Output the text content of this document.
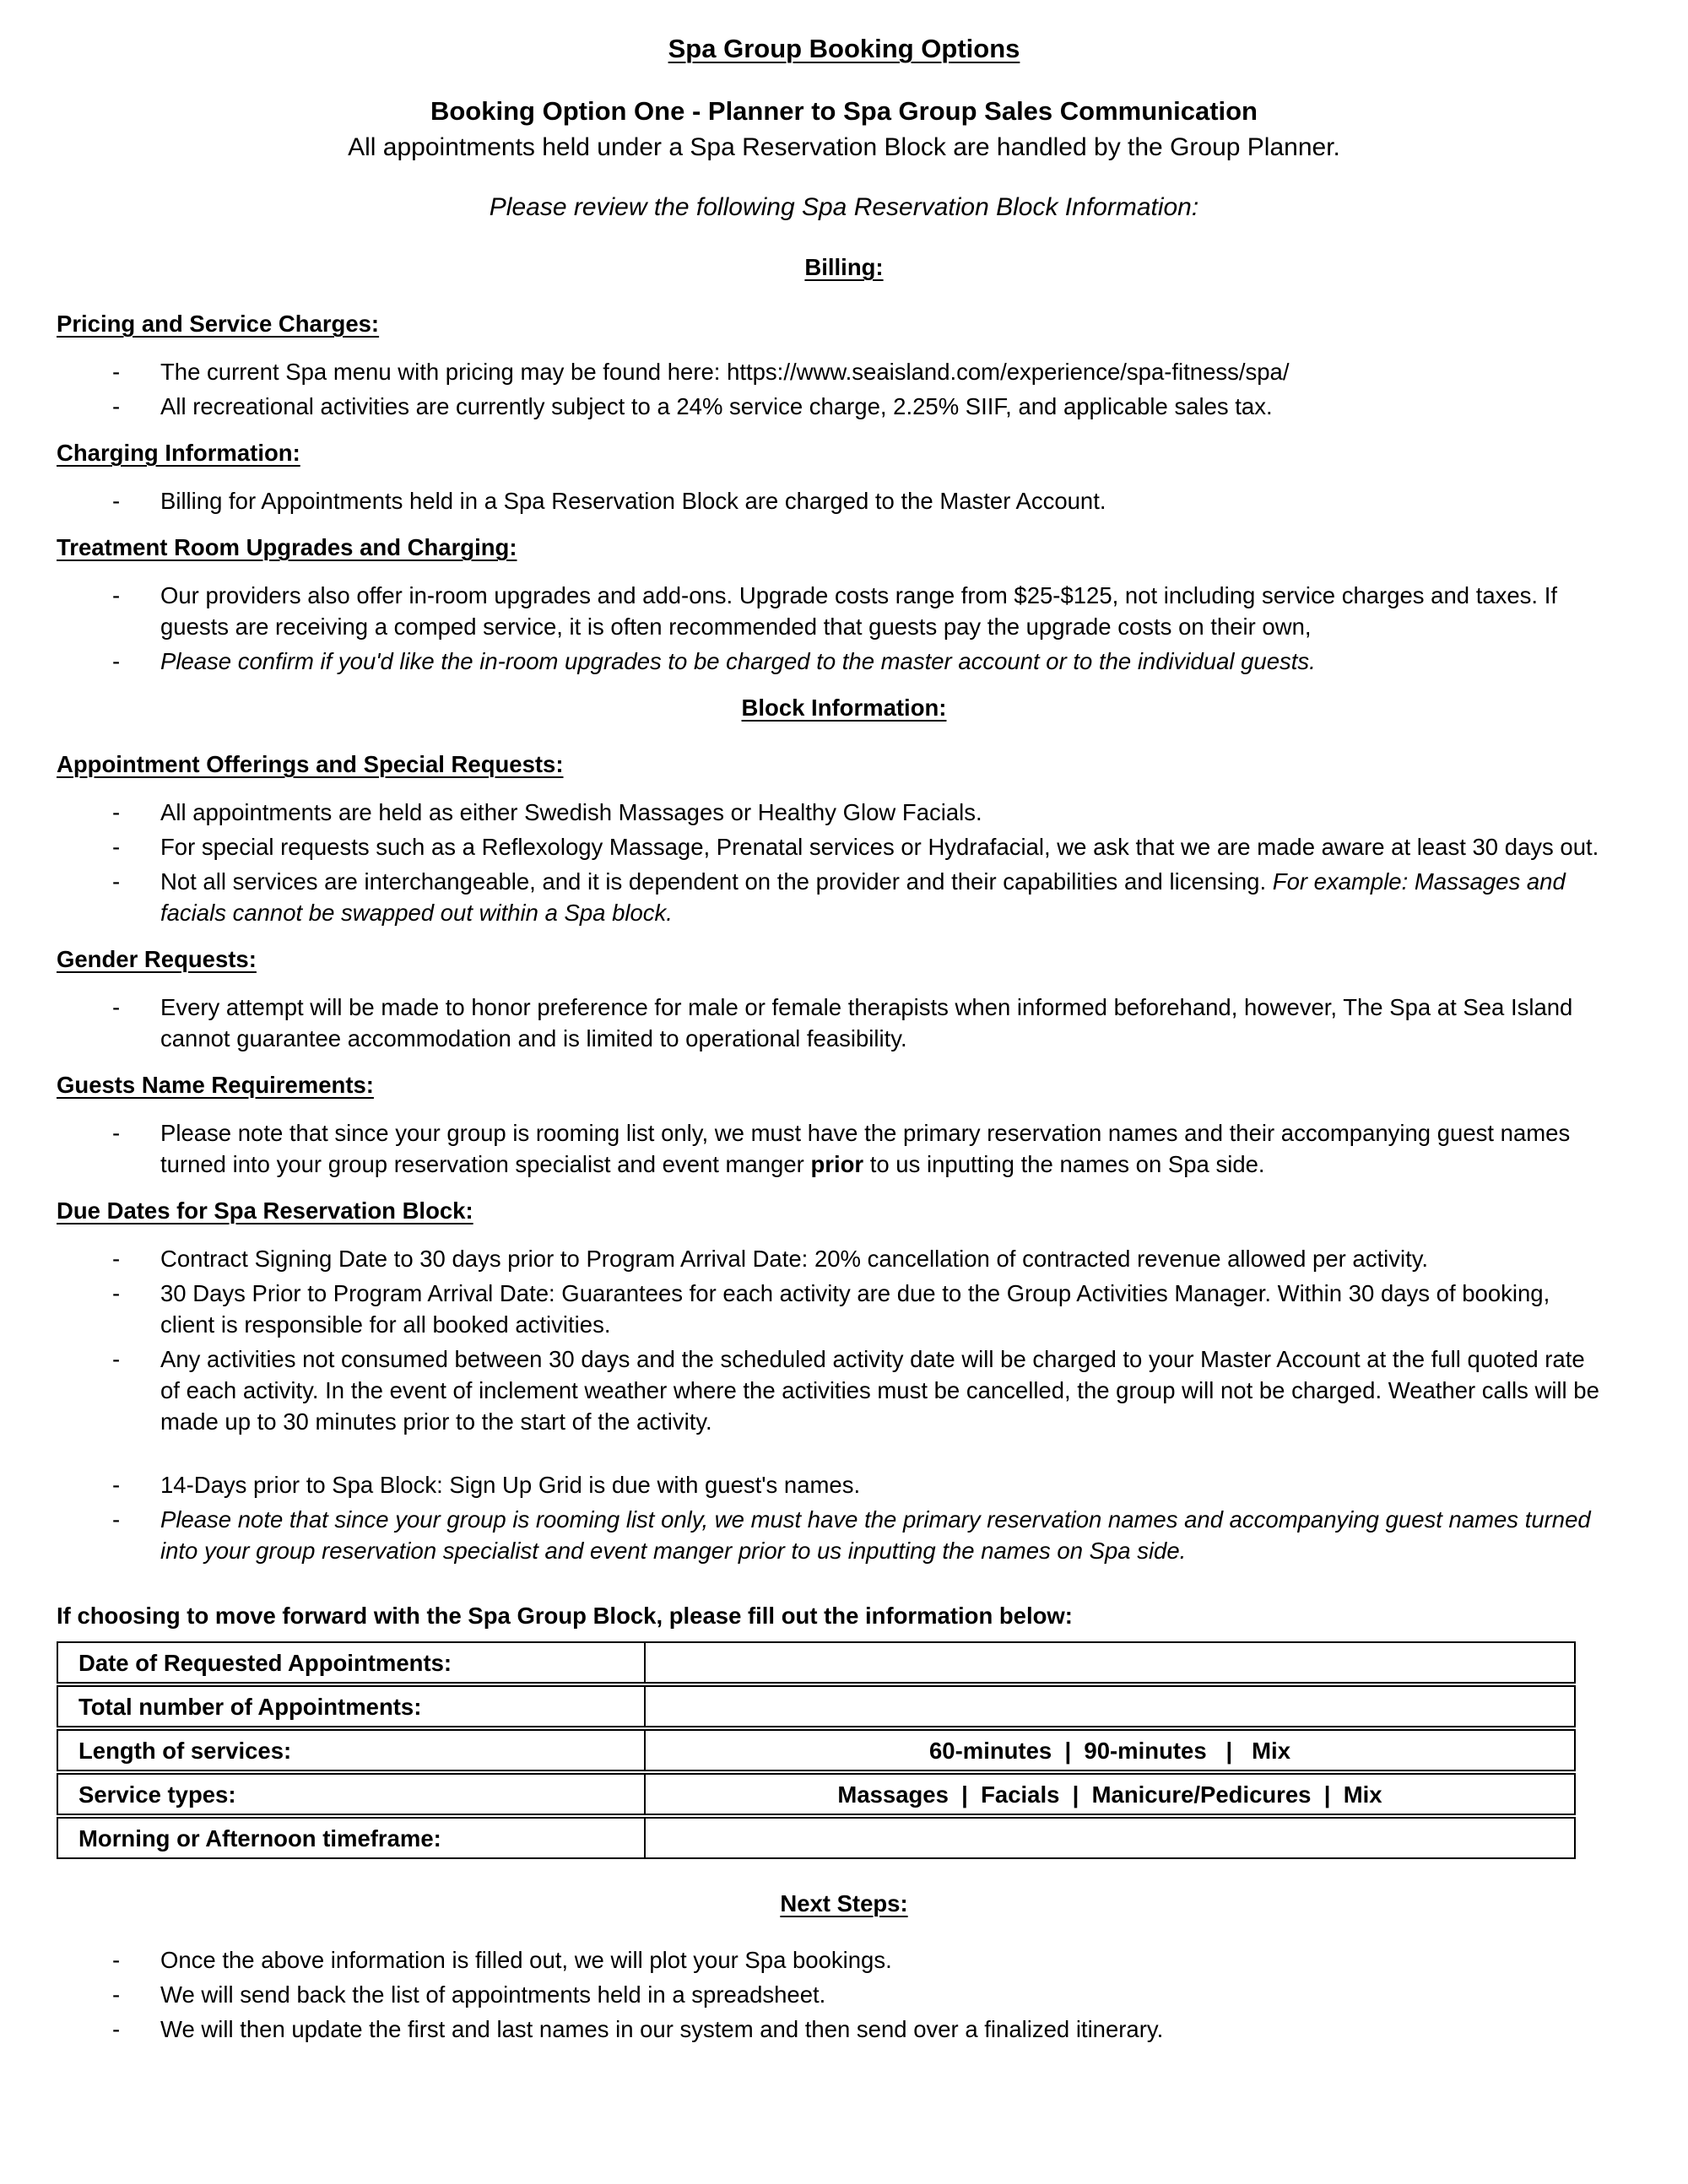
Spa Group Booking Options
Booking Option One - Planner to Spa Group Sales Communication
All appointments held under a Spa Reservation Block are handled by the Group Planner.
Please review the following Spa Reservation Block Information:
Billing:
Pricing and Service Charges:
-	The current Spa menu with pricing may be found here: https://www.seaisland.com/experience/spa-fitness/spa/
-	All recreational activities are currently subject to a 24% service charge, 2.25% SIIF, and applicable sales tax.
Charging Information:
-	Billing for Appointments held in a Spa Reservation Block are charged to the Master Account.
Treatment Room Upgrades and Charging:
-	Our providers also offer in-room upgrades and add-ons. Upgrade costs range from $25-$125, not including service charges and taxes. If guests are receiving a comped service, it is often recommended that guests pay the upgrade costs on their own,
-	Please confirm if you'd like the in-room upgrades to be charged to the master account or to the individual guests.
Block Information:
Appointment Offerings and Special Requests:
-	All appointments are held as either Swedish Massages or Healthy Glow Facials.
-	For special requests such as a Reflexology Massage, Prenatal services or Hydrafacial, we ask that we are made aware at least 30 days out.
-	Not all services are interchangeable, and it is dependent on the provider and their capabilities and licensing. For example: Massages and facials cannot be swapped out within a Spa block.
Gender Requests:
-	Every attempt will be made to honor preference for male or female therapists when informed beforehand, however, The Spa at Sea Island cannot guarantee accommodation and is limited to operational feasibility.
Guests Name Requirements:
-	Please note that since your group is rooming list only, we must have the primary reservation names and their accompanying guest names turned into your group reservation specialist and event manger prior to us inputting the names on Spa side.
Due Dates for Spa Reservation Block:
-	Contract Signing Date to 30 days prior to Program Arrival Date: 20% cancellation of contracted revenue allowed per activity.
-	30 Days Prior to Program Arrival Date: Guarantees for each activity are due to the Group Activities Manager. Within 30 days of booking, client is responsible for all booked activities.
-	Any activities not consumed between 30 days and the scheduled activity date will be charged to your Master Account at the full quoted rate of each activity. In the event of inclement weather where the activities must be cancelled, the group will not be charged. Weather calls will be made up to 30 minutes prior to the start of the activity.
-	14-Days prior to Spa Block: Sign Up Grid is due with guest's names.
-	Please note that since your group is rooming list only, we must have the primary reservation names and accompanying guest names turned into your group reservation specialist and event manger prior to us inputting the names on Spa side.
If choosing to move forward with the Spa Group Block, please fill out the information below:
Date of Requested Appointments:	
Total number of Appointments:	
Length of services:	60-minutes  |  90-minutes   |   Mix
Service types:	Massages  |  Facials  |  Manicure/Pedicures  |  Mix
Morning or Afternoon timeframe:	
Next Steps:
-	Once the above information is filled out, we will plot your Spa bookings.
-	We will send back the list of appointments held in a spreadsheet.
-	We will then update the first and last names in our system and then send over a finalized itinerary.
